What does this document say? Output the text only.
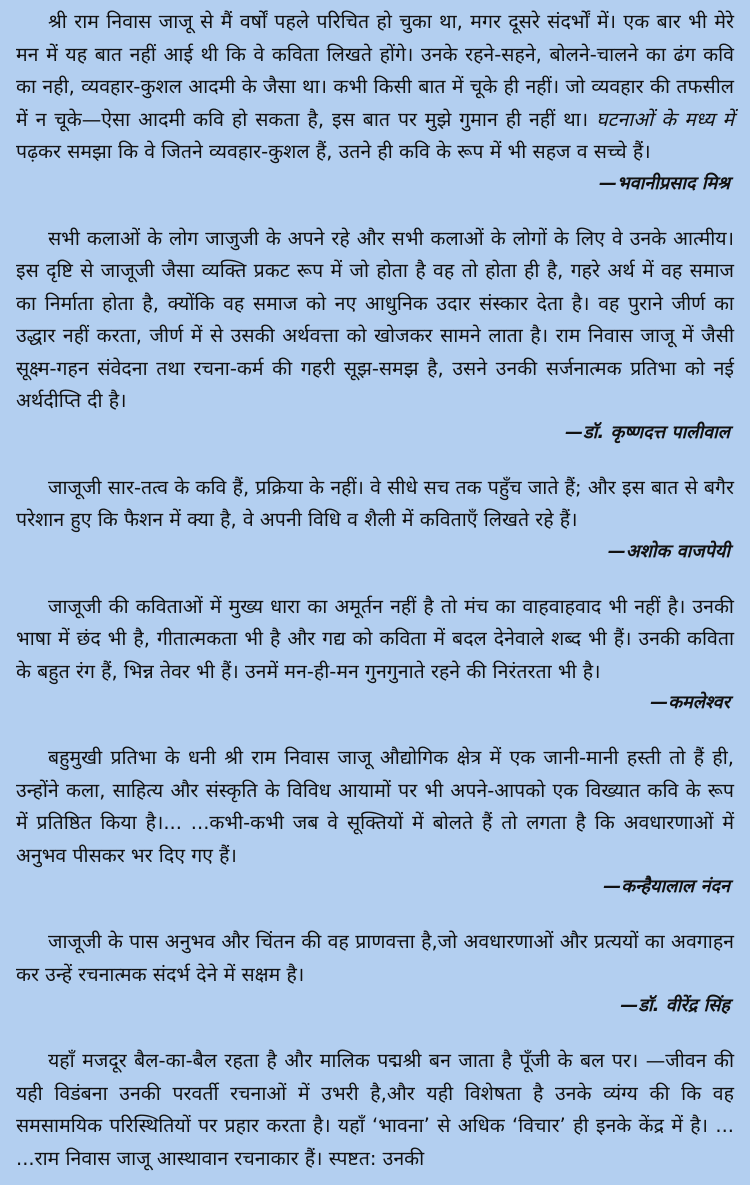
श्री राम निवास जाजू से मैं वर्षों पहले परिचित हो चुका था, मगर दूसरे संदर्भों में। एक बार भी मेरे मन में यह बात नहीं आई थी कि वे कविता लिखते होंगे। उनके रहने-सहने, बोलने-चालने का ढंग कवि का नही, व्यवहार-कुशल आदमी के जैसा था। कभी किसी बात में चूके ही नहीं। जो व्यवहार की तफसील में न चूके—ऐसा आदमी कवि हो सकता है, इस बात पर मुझे गुमान ही नहीं था। घटनाओं के मध्य में पढ़कर समझा कि वे जितने व्यवहार-कुशल हैं, उतने ही कवि के रूप में भी सहज व सच्चे हैं।

—भवानीप्रसाद मिश्र

सभी कलाओं के लोग जाजुजी के अपने रहे और सभी कलाओं के लोगों के लिए वे उनके आत्मीय। इस दृष्टि से जाजूजी जैसा व्यक्ति प्रकट रूप में जो होता है वह तो होता ही है, गहरे अर्थ में वह समाज का निर्माता होता है, क्योंकि वह समाज को नए आधुनिक उदार संस्कार देता है। वह पुराने जीर्ण का उद्धार नहीं करता, जीर्ण में से उसकी अर्थवत्ता को खोजकर सामने लाता है। राम निवास जाजू में जैसी सूक्ष्म-गहन संवेदना तथा रचना-कर्म की गहरी सूझ-समझ है, उसने उनकी सर्जनात्मक प्रतिभा को नई अर्थदीप्ति दी है।

—डॉ. कृष्णदत्त पालीवाल

जाजूजी सार-तत्व के कवि हैं, प्रक्रिया के नहीं। वे सीधे सच तक पहुँच जाते हैं; और इस बात से बगैर परेशान हुए कि फैशन में क्या है, वे अपनी विधि व शैली में कविताएँ लिखते रहे हैं।

—अशोक वाजपेयी

जाजूजी की कविताओं में मुख्य धारा का अमूर्तन नहीं है तो मंच का वाहवाहवाद भी नहीं है। उनकी भाषा में छंद भी है, गीतात्मकता भी है और गद्य को कविता में बदल देनेवाले शब्द भी हैं। उनकी कविता के बहुत रंग हैं, भिन्न तेवर भी हैं। उनमें मन-ही-मन गुनगुनाते रहने की निरंतरता भी है।

—कमलेश्वर

बहुमुखी प्रतिभा के धनी श्री राम निवास जाजू औद्योगिक क्षेत्र में एक जानी-मानी हस्ती तो हैं ही, उन्होंने कला, साहित्य और संस्कृति के विविध आयामों पर भी अपने-आपको एक विख्यात कवि के रूप में प्रतिष्ठित किया है।... ...कभी-कभी जब वे सूक्तियों में बोलते हैं तो लगता है कि अवधारणाओं में अनुभव पीसकर भर दिए गए हैं।

—कन्हैयालाल नंदन

जाजूजी के पास अनुभव और चिंतन की वह प्राणवत्ता है,जो अवधारणाओं और प्रत्ययों का अवगाहन कर उन्हें रचनात्मक संदर्भ देने में सक्षम है।

—डॉ. वीरेंद्र सिंह

यहाँ मजदूर बैल-का-बैल रहता है और मालिक पद्मश्री बन जाता है पूँजी के बल पर। —जीवन की यही विडंबना उनकी परवर्ती रचनाओं में उभरी है,और यही विशेषता है उनके व्यंग्य की कि वह समसामयिक परिस्थितियों पर प्रहार करता है। यहाँ ‘भावना’ से अधिक ‘विचार’ ही इनके केंद्र में है। ... ...राम निवास जाजू आस्थावान रचनाकार हैं। स्पष्टत: उनकी
